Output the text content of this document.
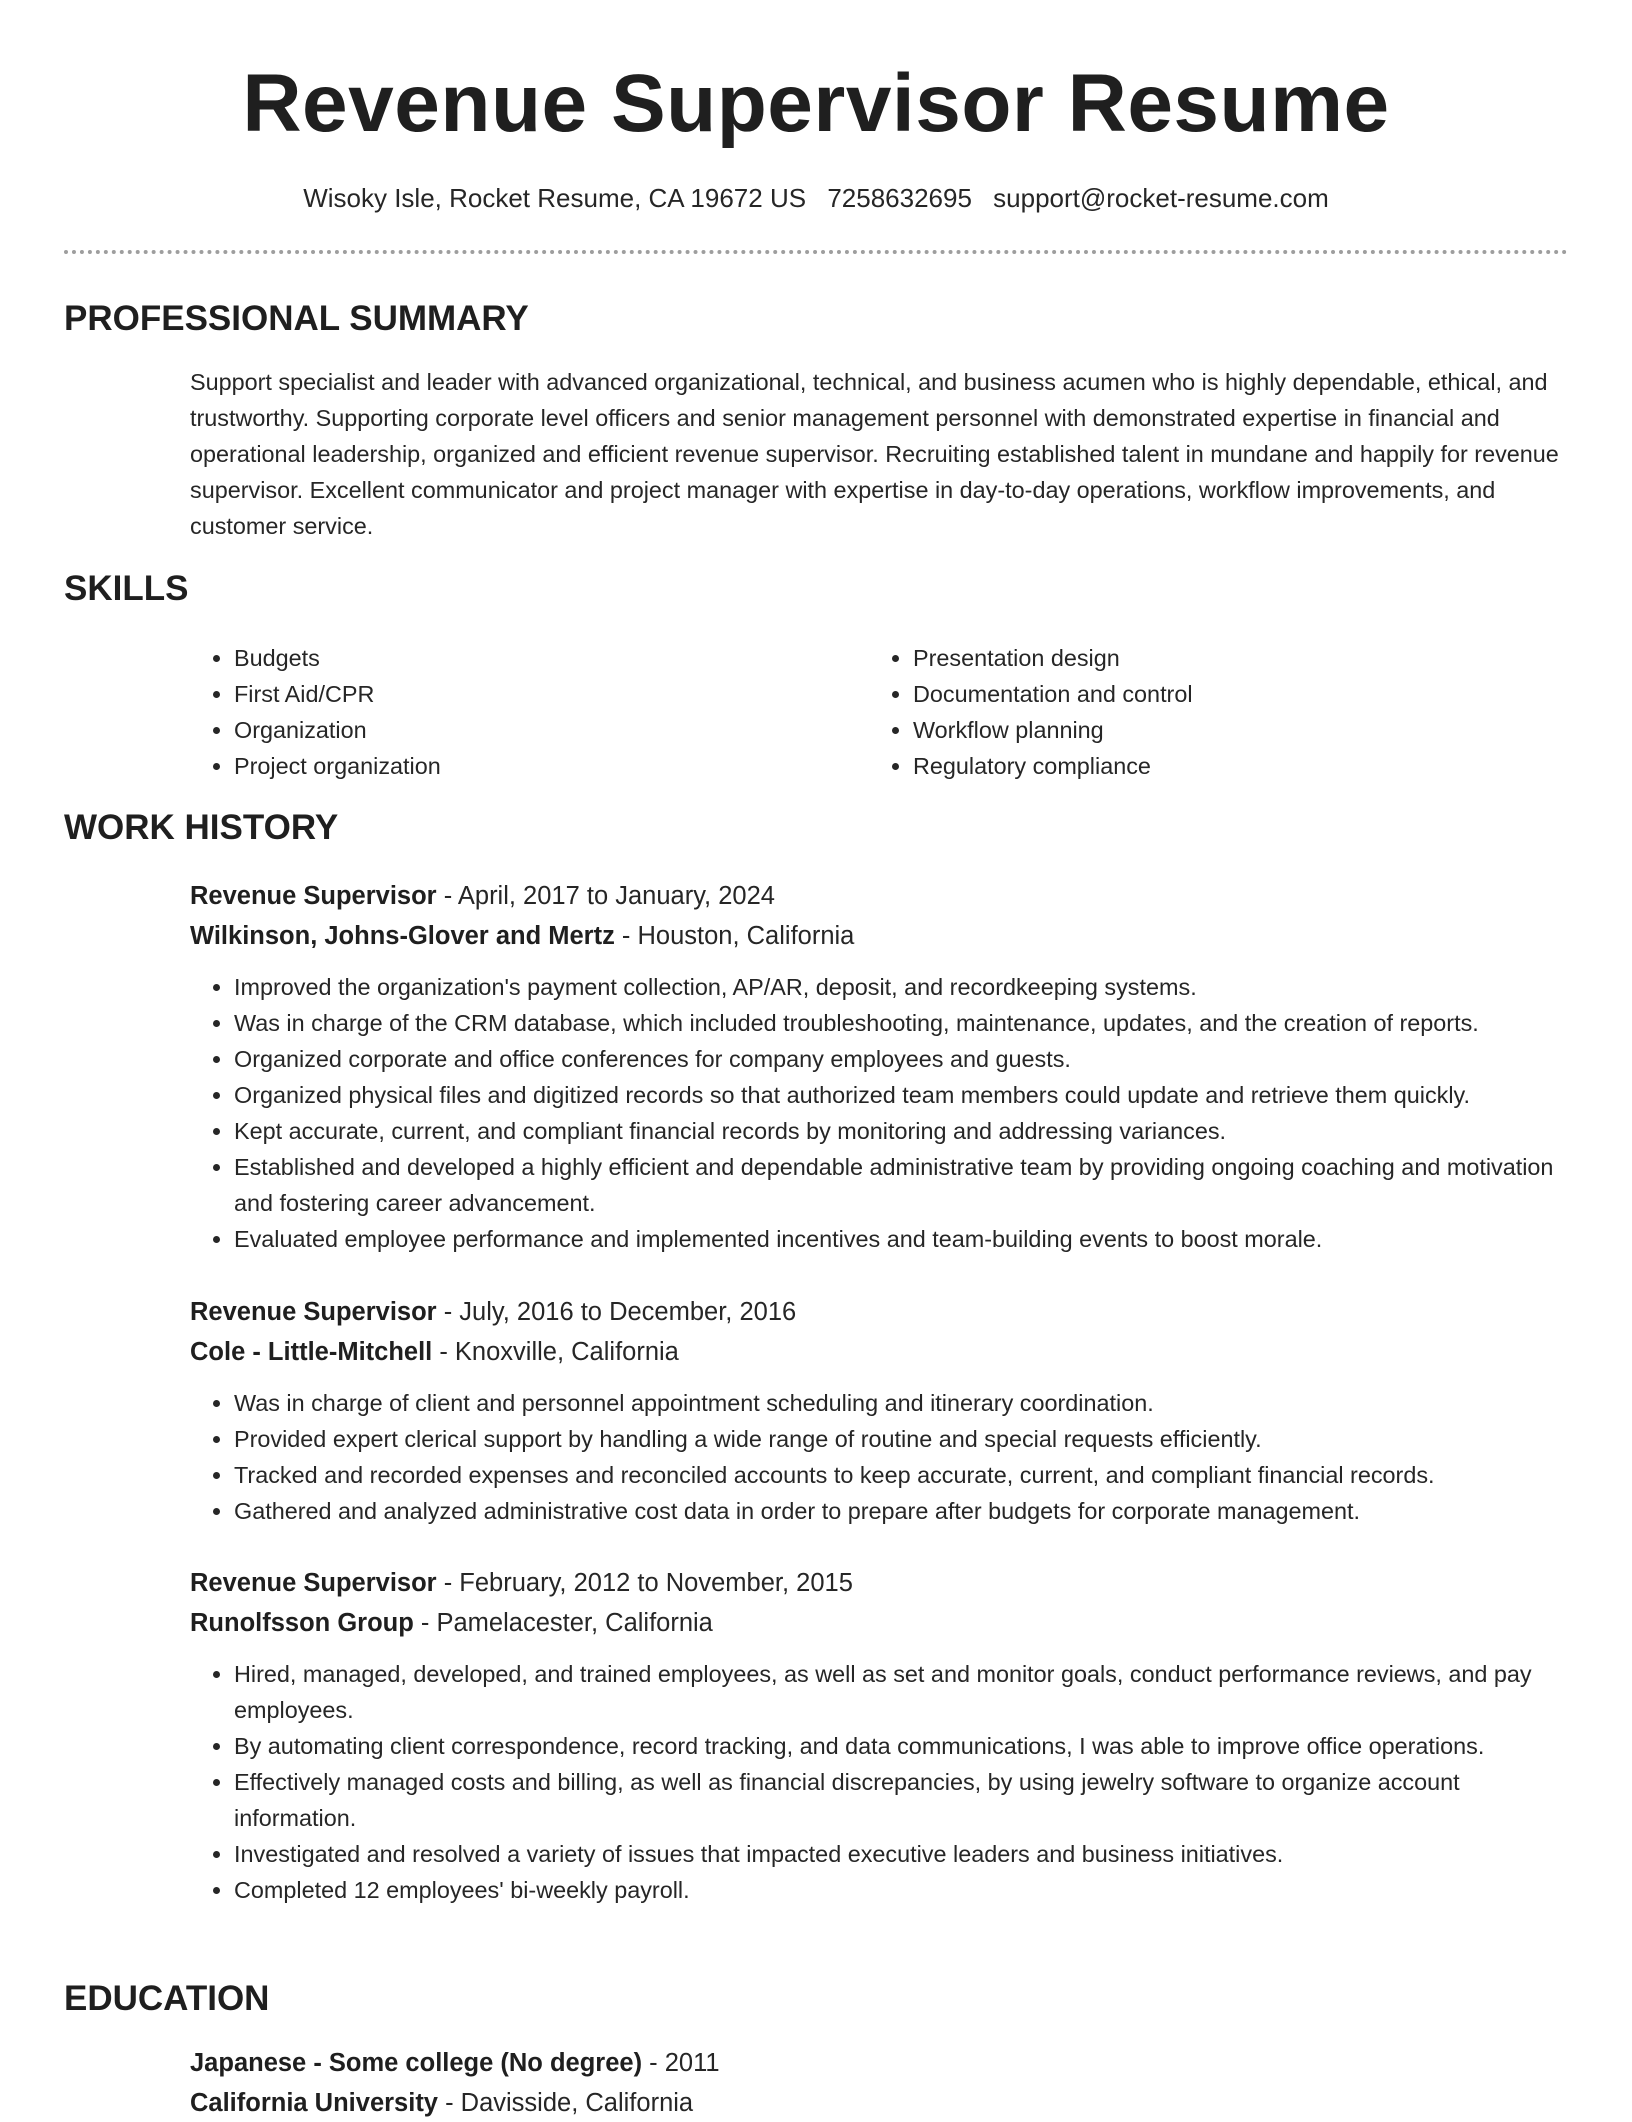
Revenue Supervisor Resume
Wisoky Isle, Rocket Resume, CA 19672 US 7258632695 support@rocket-resume.com
PROFESSIONAL SUMMARY

Support specialist and leader with advanced organizational, technical, and business acumen who is highly dependable, ethical, and trustworthy. Supporting corporate level officers and senior management personnel with demonstrated expertise in financial and operational leadership, organized and efficient revenue supervisor. Recruiting established talent in mundane and happily for revenue supervisor. Excellent communicator and project manager with expertise in day-to-day operations, workflow improvements, and customer service.

SKILLS
• Budgets
• First Aid/CPR
• Organization
• Project organization
• Presentation design
• Documentation and control
• Workflow planning
• Regulatory compliance
WORK HISTORY
Revenue Supervisor - April, 2017 to January, 2024
Wilkinson, Johns-Glover and Mertz - Houston, California
• Improved the organization's payment collection, AP/AR, deposit, and recordkeeping systems.
• Was in charge of the CRM database, which included troubleshooting, maintenance, updates, and the creation of reports.
• Organized corporate and office conferences for company employees and guests.
• Organized physical files and digitized records so that authorized team members could update and retrieve them quickly.
• Kept accurate, current, and compliant financial records by monitoring and addressing variances.
• Established and developed a highly efficient and dependable administrative team by providing ongoing coaching and motivation and fostering career advancement.
• Evaluated employee performance and implemented incentives and team-building events to boost morale.
Revenue Supervisor - July, 2016 to December, 2016
Cole - Little-Mitchell - Knoxville, California
• Was in charge of client and personnel appointment scheduling and itinerary coordination.
• Provided expert clerical support by handling a wide range of routine and special requests efficiently.
• Tracked and recorded expenses and reconciled accounts to keep accurate, current, and compliant financial records.
• Gathered and analyzed administrative cost data in order to prepare after budgets for corporate management.
Revenue Supervisor - February, 2012 to November, 2015
Runolfsson Group - Pamelacester, California
• Hired, managed, developed, and trained employees, as well as set and monitor goals, conduct performance reviews, and pay employees.
• By automating client correspondence, record tracking, and data communications, I was able to improve office operations.
• Effectively managed costs and billing, as well as financial discrepancies, by using jewelry software to organize account information.
• Investigated and resolved a variety of issues that impacted executive leaders and business initiatives.
• Completed 12 employees' bi-weekly payroll.
EDUCATION
Japanese - Some college (No degree) - 2011
California University - Davisside, California
